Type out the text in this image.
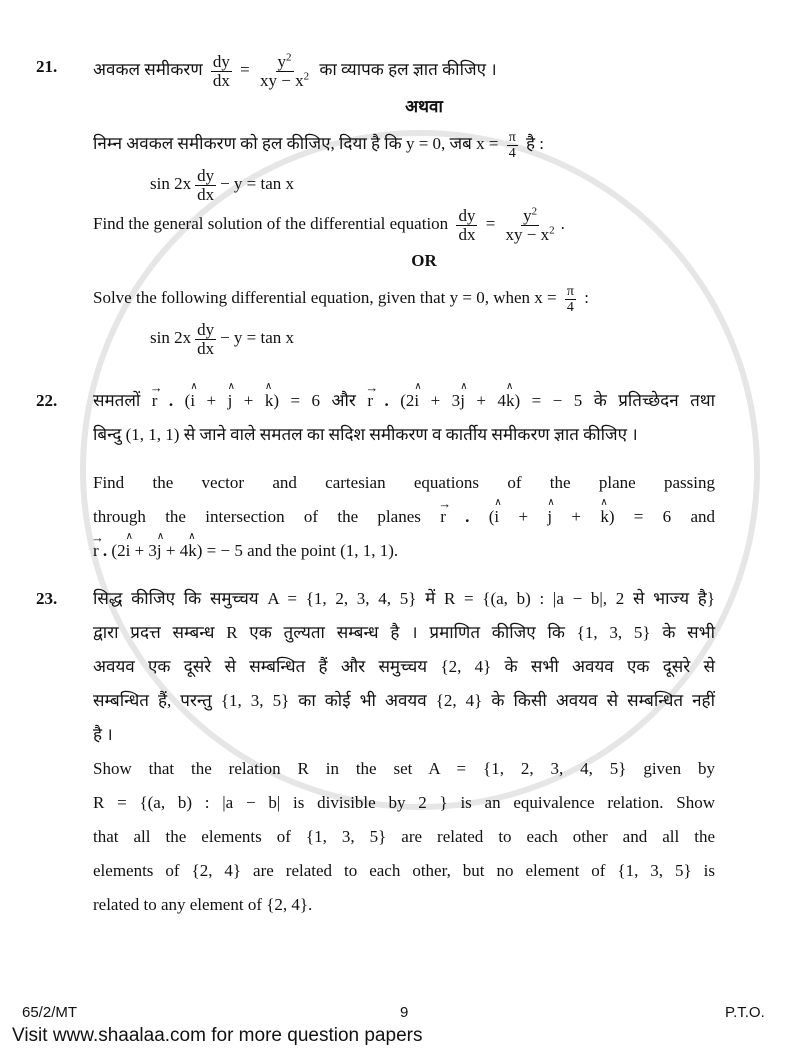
21. अवकल समीकरण $\frac{dy}{dx} = \frac{y^2}{xy - x^2}$ का व्यापक हल ज्ञात कीजिए ।
अथवा
निम्न अवकल समीकरण को हल कीजिए, दिया है कि y = 0, जब $x = \frac{\pi}{4}$ है :
$\sin 2x \frac{dy}{dx} - y = \tan x$
Find the general solution of the differential equation $\frac{dy}{dx} = \frac{y^2}{xy - x^2}$ .
OR
Solve the following differential equation, given that y = 0, when $x = \frac{\pi}{4}$ :
$\sin 2x \frac{dy}{dx} - y = \tan x$
22. समतलों → r . (∧ i + ∧ j + ∧ k) = 6 और → r . (2∧ i + 3∧ j + 4∧ k) = − 5 के प्रतिच्छेदन तथा
बिन्दु (1, 1, 1) से जाने वाले समतल का सदिश समीकरण व कार्तीय समीकरण ज्ञात कीजिए ।
Find the vector and cartesian equations of the plane passing
through the intersection of the planes → r . (∧ i + ∧ j + ∧ k) = 6 and
→ r . (2∧ i + 3∧ j + 4∧ k) = − 5 and the point (1, 1, 1).
23. सिद्ध कीजिए कि समुच्चय A = {1, 2, 3, 4, 5} में R = {(a, b) : |a − b|, 2 से भाज्य है}
द्वारा प्रदत्त सम्बन्ध R एक तुल्यता सम्बन्ध है । प्रमाणित कीजिए कि {1, 3, 5} के सभी
अवयव एक दूसरे से सम्बन्धित हैं और समुच्चय {2, 4} के सभी अवयव एक दूसरे से
सम्बन्धित हैं, परन्तु {1, 3, 5} का कोई भी अवयव {2, 4} के किसी अवयव से सम्बन्धित नहीं
है ।
Show that the relation R in the set A = {1, 2, 3, 4, 5} given by
R = {(a, b) : |a − b| is divisible by 2 } is an equivalence relation. Show
that all the elements of {1, 3, 5} are related to each other and all the
elements of {2, 4} are related to each other, but no element of {1, 3, 5} is
related to any element of {2, 4}.
65/2/MT	9	P.T.O.
Visit www.shaalaa.com for more question papers
